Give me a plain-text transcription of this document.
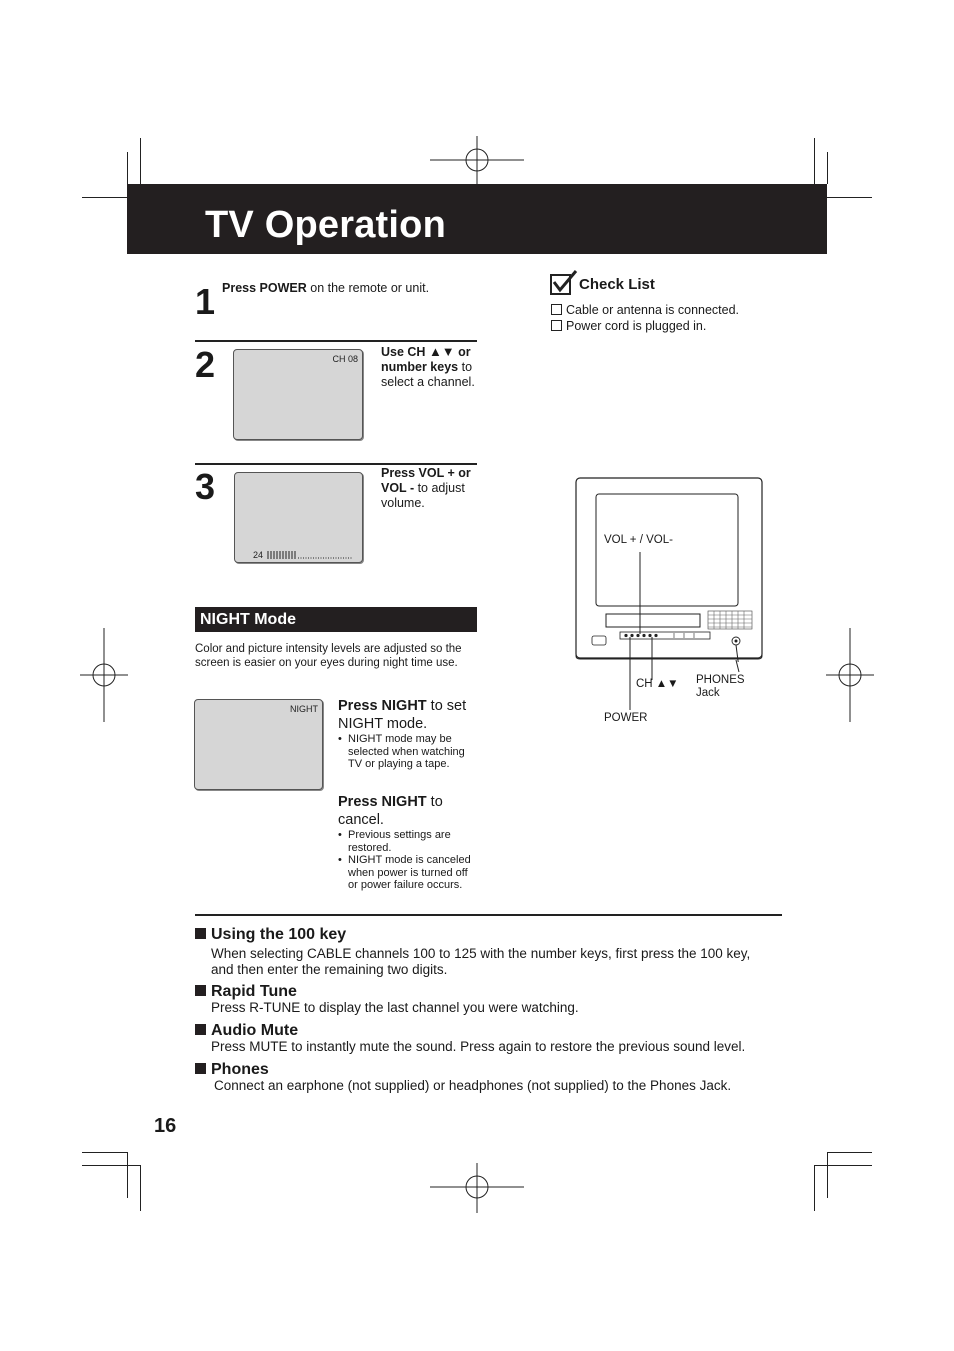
TV Operation
1 Press POWER on the remote or unit.
2	CH 08 Use CH ▲▼ or number keys to select a channel.
3
24
Press VOL + or VOL - to adjust volume.
Check List
Cable or antenna is connected.
Power cord is plugged in.
VOL + / VOL-
CH ▲▼ PHONES
Jack
POWER
NIGHT Mode
Color and picture intensity levels are adjusted so the screen is easier on your eyes during night time use.
NIGHT Press NIGHT to set NIGHT mode.
• NIGHT mode may be selected when watching TV or playing a tape.
Press NIGHT to cancel.
• Previous settings are restored.
• NIGHT mode is canceled when power is turned off or power failure occurs.
Using the 100 key
When selecting CABLE channels 100 to 125 with the number keys, first press the 100 key, and then enter the remaining two digits.
Rapid Tune
Press R-TUNE to display the last channel you were watching.
Audio Mute
Press MUTE to instantly mute the sound. Press again to restore the previous sound level.
Phones
Connect an earphone (not supplied) or headphones (not supplied) to the Phones Jack.
16
